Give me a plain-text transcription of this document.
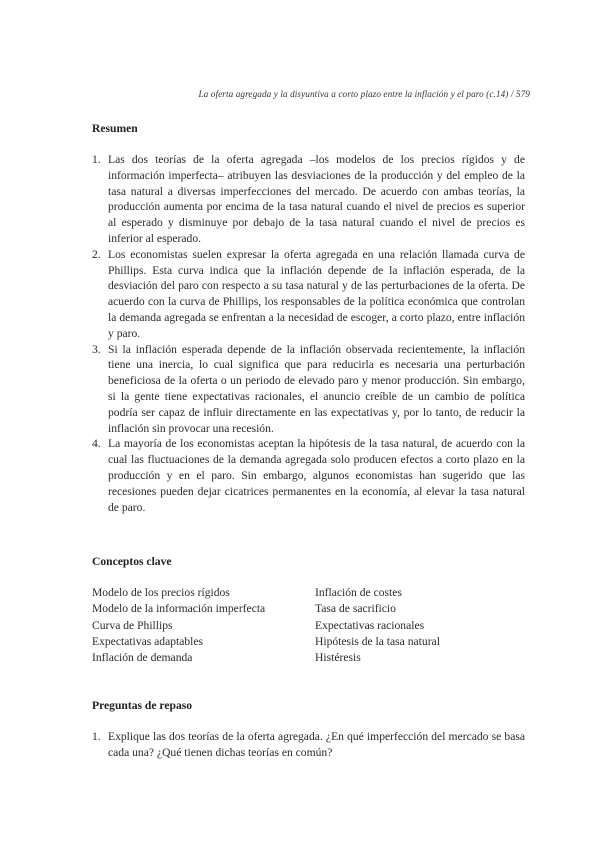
La oferta agregada y la disyuntiva a corto plazo entre la inflación y el paro (c.14) / 579
Resumen
1. Las dos teorías de la oferta agregada –los modelos de los precios rígidos y de información imperfecta– atribuyen las desviaciones de la producción y del empleo de la tasa natural a diversas imperfecciones del mercado. De acuerdo con ambas teorías, la producción aumenta por encima de la tasa natural cuando el nivel de precios es superior al esperado y disminuye por debajo de la tasa natural cuando el nivel de precios es inferior al esperado.
2. Los economistas suelen expresar la oferta agregada en una relación llamada curva de Phillips. Esta curva indica que la inflación depende de la inflación esperada, de la desviación del paro con respecto a su tasa natural y de las perturbaciones de la oferta. De acuerdo con la curva de Phillips, los responsables de la política económica que controlan la demanda agregada se enfrentan a la necesidad de escoger, a corto plazo, entre inflación y paro.
3. Si la inflación esperada depende de la inflación observada recientemente, la inflación tiene una inercia, lo cual significa que para reducirla es necesaria una perturbación beneficiosa de la oferta o un periodo de elevado paro y menor producción. Sin embargo, si la gente tiene expectativas racionales, el anuncio creíble de un cambio de política podría ser capaz de influir directamente en las expectativas y, por lo tanto, de reducir la inflación sin provocar una recesión.
4. La mayoría de los economistas aceptan la hipótesis de la tasa natural, de acuerdo con la cual las fluctuaciones de la demanda agregada solo producen efectos a corto plazo en la producción y en el paro. Sin embargo, algunos economistas han sugerido que las recesiones pueden dejar cicatrices permanentes en la economía, al elevar la tasa natural de paro.
Conceptos clave
Modelo de los precios rígidos
Modelo de la información imperfecta
Curva de Phillips
Expectativas adaptables
Inflación de demanda
Inflación de costes
Tasa de sacrificio
Expectativas racionales
Hipótesis de la tasa natural
Histéresis
Preguntas de repaso
1. Explique las dos teorías de la oferta agregada. ¿En qué imperfección del mercado se basa cada una? ¿Qué tienen dichas teorías en común?
